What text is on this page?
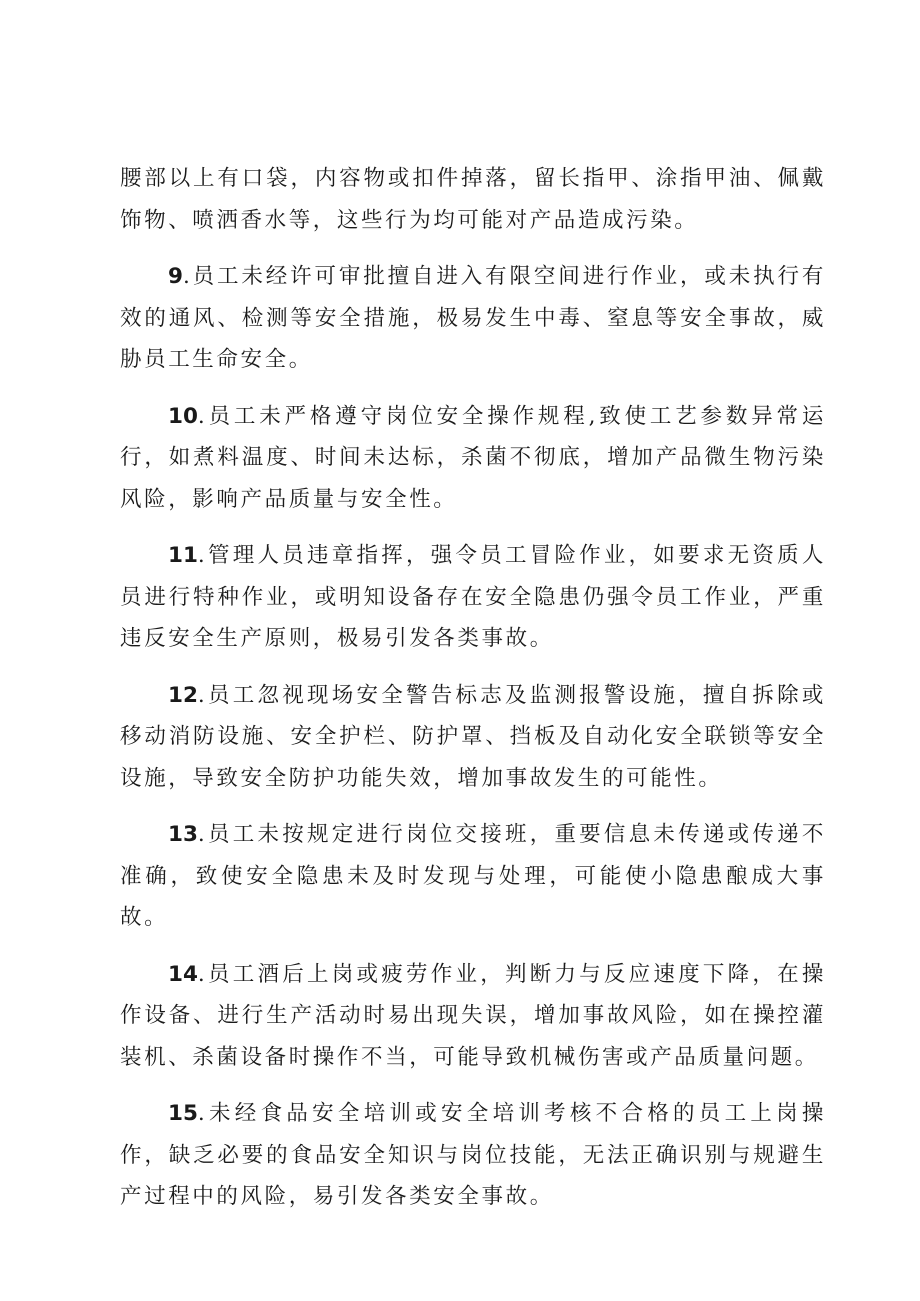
腰部以上有口袋，内容物或扣件掉落，留长指甲、涂指甲油、佩戴饰物、喷洒香水等，这些行为均可能对产品造成污染。

9.员工未经许可审批擅自进入有限空间进行作业，或未执行有效的通风、检测等安全措施，极易发生中毒、窒息等安全事故，威胁员工生命安全。

10.员工未严格遵守岗位安全操作规程,致使工艺参数异常运行，如煮料温度、时间未达标，杀菌不彻底，增加产品微生物污染风险，影响产品质量与安全性。

11.管理人员违章指挥，强令员工冒险作业，如要求无资质人员进行特种作业，或明知设备存在安全隐患仍强令员工作业，严重违反安全生产原则，极易引发各类事故。

12.员工忽视现场安全警告标志及监测报警设施，擅自拆除或移动消防设施、安全护栏、防护罩、挡板及自动化安全联锁等安全设施，导致安全防护功能失效，增加事故发生的可能性。

13.员工未按规定进行岗位交接班，重要信息未传递或传递不准确，致使安全隐患未及时发现与处理，可能使小隐患酿成大事故。

14.员工酒后上岗或疲劳作业，判断力与反应速度下降，在操作设备、进行生产活动时易出现失误，增加事故风险，如在操控灌装机、杀菌设备时操作不当，可能导致机械伤害或产品质量问题。

15.未经食品安全培训或安全培训考核不合格的员工上岗操作，缺乏必要的食品安全知识与岗位技能，无法正确识别与规避生产过程中的风险，易引发各类安全事故。
